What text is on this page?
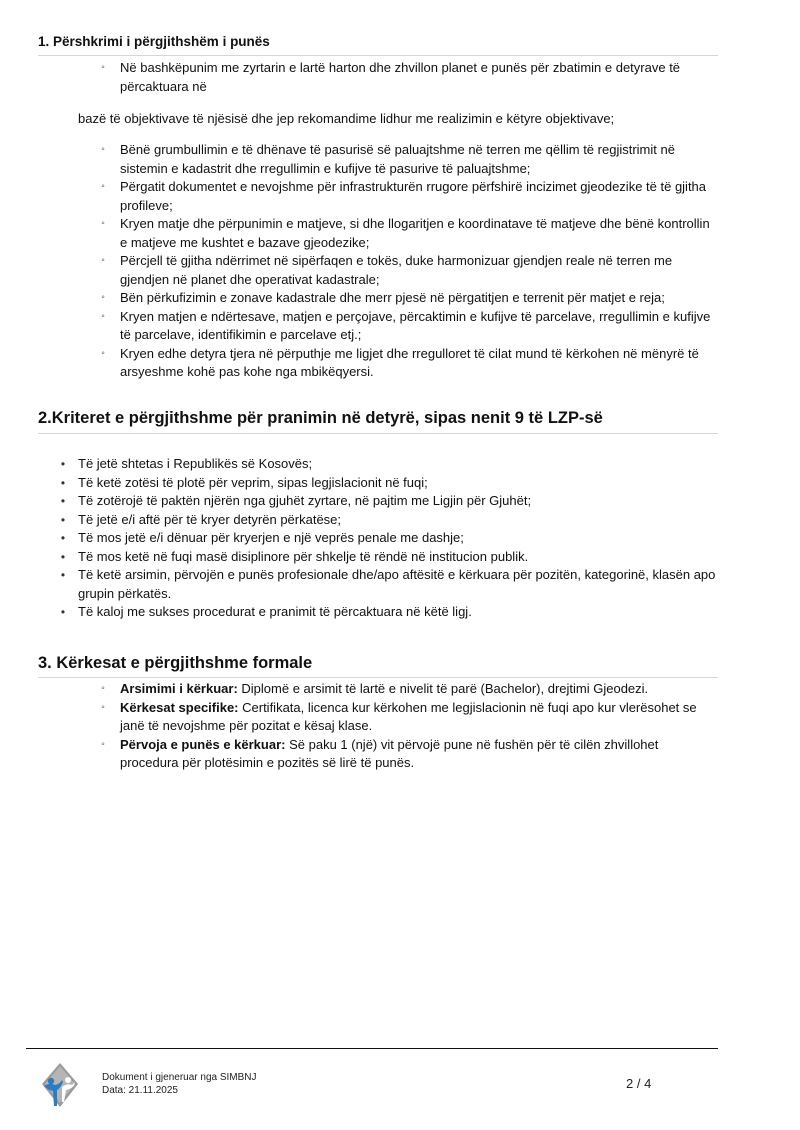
1. Përshkrimi i përgjithshëm i punës
◦	Në bashkëpunim me zyrtarin e lartë harton dhe zhvillon planet e punës për zbatimin e detyrave të përcaktuara në

bazë të objektivave të njësisë dhe jep rekomandime lidhur me realizimin e këtyre objektivave;

◦	Bënë grumbullimin e të dhënave të pasurisë së paluajtshme në terren me qëllim të regjistrimit në sistemin e kadastrit dhe rregullimin e kufijve të pasurive të paluajtshme;
◦	Përgatit dokumentet e nevojshme për infrastrukturën rrugore përfshirë incizimet gjeodezike të të gjitha profileve;
◦	Kryen matje dhe përpunimin e matjeve, si dhe llogaritjen e koordinatave të matjeve dhe bënë kontrollin e matjeve me kushtet e bazave gjeodezike;
◦	Përcjell të gjitha ndërrimet në sipërfaqen e tokës, duke harmonizuar gjendjen reale në terren me gjendjen në planet dhe operativat kadastrale;
◦	Bën përkufizimin e zonave kadastrale dhe merr pjesë në përgatitjen e terrenit për matjet e reja;
◦	Kryen matjen e ndërtesave, matjen e perçojave, përcaktimin e kufijve të parcelave, rregullimin e kufijve të parcelave, identifikimin e parcelave etj.;
◦	Kryen edhe detyra tjera në përputhje me ligjet dhe rregulloret të cilat mund të kërkohen në mënyrë të arsyeshme kohë pas kohe nga mbikëqyersi.
2.Kriteret e përgjithshme për pranimin në detyrë, sipas nenit 9 të LZP-së
• Të jetë shtetas i Republikës së Kosovës;
• Të ketë zotësi të plotë për veprim, sipas legjislacionit në fuqi;
• Të zotërojë të paktën njërën nga gjuhët zyrtare, në pajtim me Ligjin për Gjuhët;
• Të jetë e/i aftë për të kryer detyrën përkatëse;
• Të mos jetë e/i dënuar për kryerjen e një veprës penale me dashje;
• Të mos ketë në fuqi masë disiplinore për shkelje të rëndë në institucion publik.
• Të ketë arsimin, përvojën e punës profesionale dhe/apo aftësitë e kërkuara për pozitën, kategorinë, klasën apo grupin përkatës.
• Të kaloj me sukses procedurat e pranimit të përcaktuara në këtë ligj.
3. Kërkesat e përgjithshme formale
◦	Arsimimi i kërkuar: Diplomë e arsimit të lartë e nivelit të parë (Bachelor), drejtimi Gjeodezi.
◦	Kërkesat specifike: Certifikata, licenca kur kërkohen me legjislacionin në fuqi apo kur vlerësohet se janë të nevojshme për pozitat e kësaj klase.
◦	Përvoja e punës e kërkuar: Së paku 1 (një) vit përvojë pune në fushën për të cilën zhvillohet procedura për plotësimin e pozitës së lirë të punës.
Dokument i gjeneruar nga SIMBNJ
Data: 21.11.2025	2 / 4
